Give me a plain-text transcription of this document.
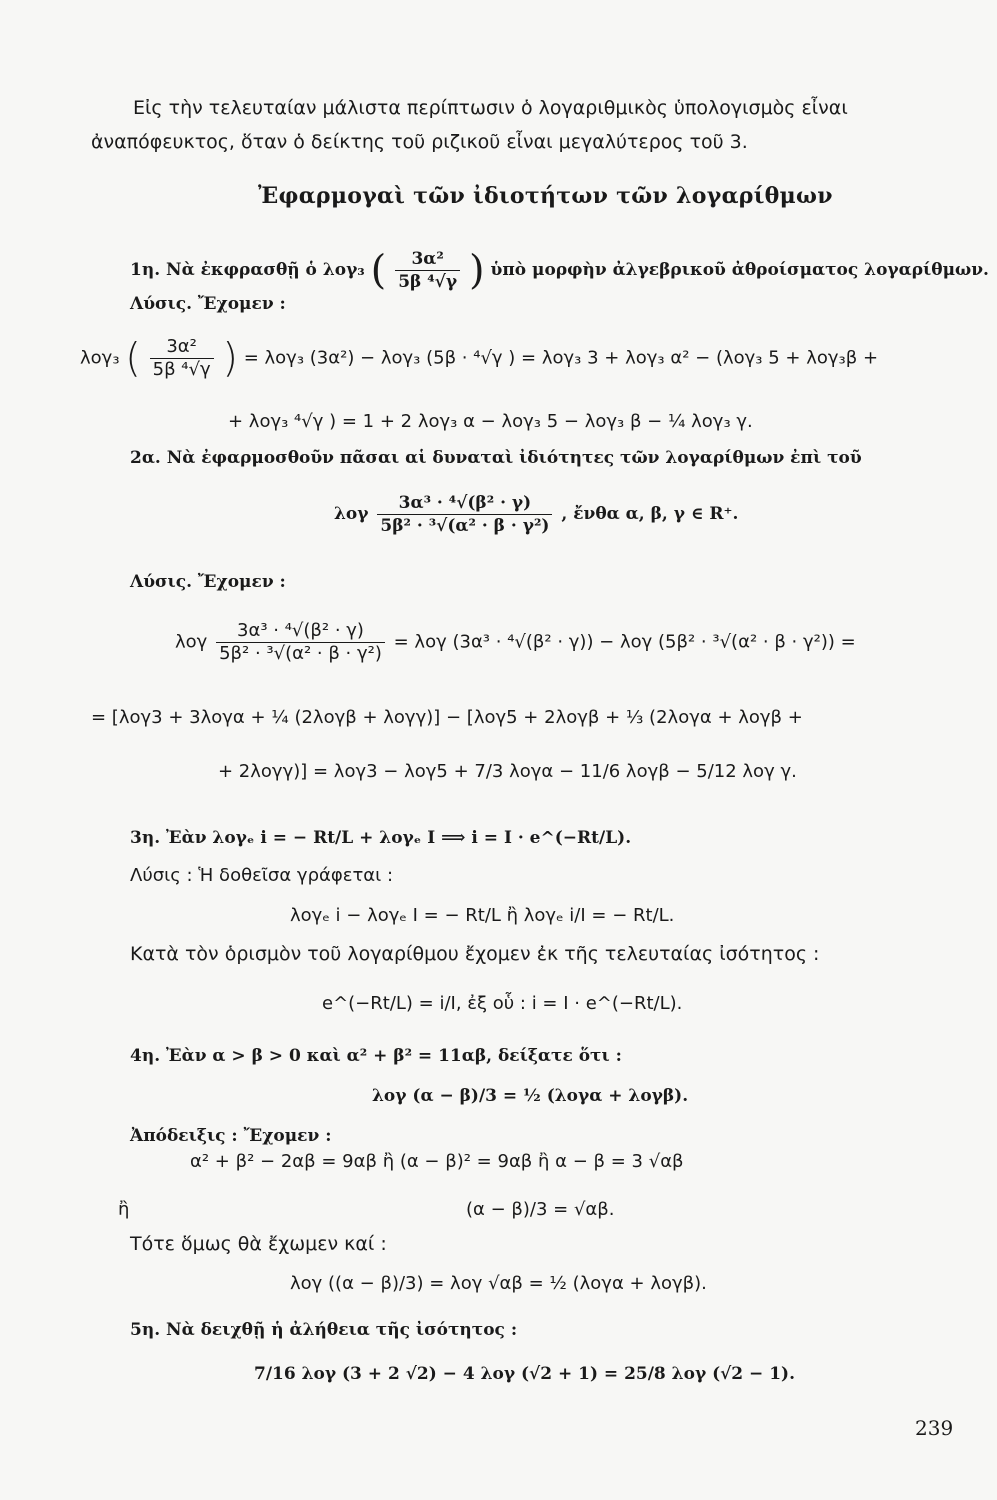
Εἰς τὴν τελευταίαν μάλιστα περίπτωσιν ὁ λογαριθμικὸς ὑπολογισμὸς εἶναι
ἀναπόφευκτος, ὅταν ὁ δείκτης τοῦ ριζικοῦ εἶναι μεγαλύτερος τοῦ 3.
Ἐφαρμογαὶ τῶν ἰδιοτήτων τῶν λογαρίθμων
1η. Νὰ ἐκφρασθῇ ὁ λογ₃ ( $\frac{\text{3α²}}{\text{5β ⁴√γ}}$ ) ὑπὸ μορφὴν ἀλγεβρικοῦ ἀθροίσματος λογαρίθμων.
Λύσις. Ἔχομεν :
λογ₃ ( $\frac{\text{3α²}}{\text{5β ⁴√γ}}$ ) = λογ₃ (3α²) − λογ₃ (5β · ⁴√γ ) = λογ₃ 3 + λογ₃ α² − (λογ₃ 5 + λογ₃β +
+ λογ₃ ⁴√γ ) = 1 + 2 λογ₃ α − λογ₃ 5 − λογ₃ β − ¼ λογ₃ γ.
2α. Νὰ ἐφαρμοσθοῦν πᾶσαι αἱ δυναταὶ ἰδιότητες τῶν λογαρίθμων ἐπὶ τοῦ
λογ $\frac{\text{3α³ · ⁴√(β² · γ)}}{\text{5β² · ³√(α² · β · γ²)}}$ , ἔνθα α, β, γ ∈ R⁺.
Λύσις. Ἔχομεν :
λογ $\frac{\text{3α³ · ⁴√(β² · γ)}}{\text{5β² · ³√(α² · β · γ²)}} = \lambda o\gamma$ (3α³ · ⁴√(β² · γ)) − λογ (5β² · ³√(α² · β · γ²)) =
= [λογ3 + 3λογα + ¼ (2λογβ + λογγ)] − [λογ5 + 2λογβ + ⅓ (2λογα + λογβ +
+ 2λογγ)] = λογ3 − λογ5 + 7/3 λογα − 11/6 λογβ − 5/12 λογ γ.
3η. Ἐὰν λογₑ i = − Rt/L + λογₑ I ⟹ i = I · e^(−Rt/L).
Λύσις : Ἡ δοθεῖσα γράφεται :
λογₑ i − λογₑ I = − Rt/L ἢ λογₑ i/I = − Rt/L.
Κατὰ τὸν ὁρισμὸν τοῦ λογαρίθμου ἔχομεν ἐκ τῆς τελευταίας ἰσότητος :
e^(−Rt/L) = i/I, ἐξ οὗ : i = I · e^(−Rt/L).
4η. Ἐὰν α > β > 0 καὶ α² + β² = 11αβ, δείξατε ὅτι :
λογ (α − β)/3 = ½ (λογα + λογβ).
Ἀπόδειξις : Ἔχομεν :
α² + β² − 2αβ = 9αβ ἢ (α − β)² = 9αβ ἢ α − β = 3 √αβ
ἢ	(α − β)/3 = √αβ.
Τότε ὅμως θὰ ἔχωμεν καί :
λογ ((α − β)/3) = λογ √αβ = ½ (λογα + λογβ).
5η. Νὰ δειχθῇ ἡ ἀλήθεια τῆς ἰσότητος :
7/16 λογ (3 + 2 √2) − 4 λογ (√2 + 1) = 25/8 λογ (√2 − 1).
239
